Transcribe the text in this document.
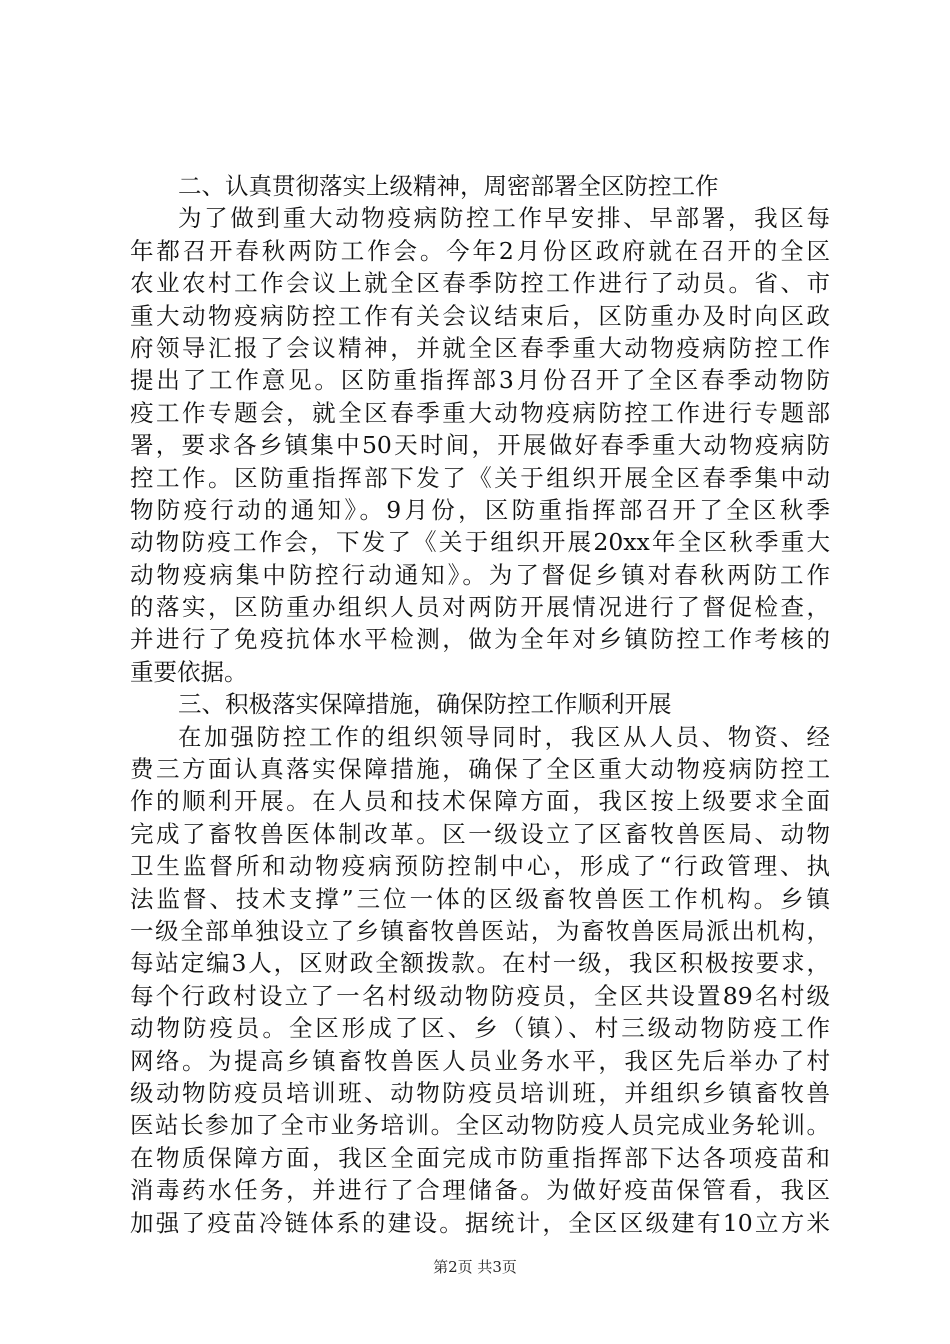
二、认真贯彻落实上级精神，周密部署全区防控工作
为了做到重大动物疫病防控工作早安排、早部署，我区每
年都召开春秋两防工作会。今年2月份区政府就在召开的全区
农业农村工作会议上就全区春季防控工作进行了动员。省、市
重大动物疫病防控工作有关会议结束后，区防重办及时向区政
府领导汇报了会议精神，并就全区春季重大动物疫病防控工作
提出了工作意见。区防重指挥部3月份召开了全区春季动物防
疫工作专题会，就全区春季重大动物疫病防控工作进行专题部
署，要求各乡镇集中50天时间，开展做好春季重大动物疫病防
控工作。区防重指挥部下发了《关于组织开展全区春季集中动
物防疫行动的通知》。9月份，区防重指挥部召开了全区秋季
动物防疫工作会，下发了《关于组织开展20xx年全区秋季重大
动物疫病集中防控行动通知》。为了督促乡镇对春秋两防工作
的落实，区防重办组织人员对两防开展情况进行了督促检查，
并进行了免疫抗体水平检测，做为全年对乡镇防控工作考核的
重要依据。
三、积极落实保障措施，确保防控工作顺利开展
在加强防控工作的组织领导同时，我区从人员、物资、经
费三方面认真落实保障措施，确保了全区重大动物疫病防控工
作的顺利开展。在人员和技术保障方面，我区按上级要求全面
完成了畜牧兽医体制改革。区一级设立了区畜牧兽医局、动物
卫生监督所和动物疫病预防控制中心，形成了“行政管理、执
法监督、技术支撑”三位一体的区级畜牧兽医工作机构。乡镇
一级全部单独设立了乡镇畜牧兽医站，为畜牧兽医局派出机构，
每站定编3人，区财政全额拨款。在村一级，我区积极按要求，
每个行政村设立了一名村级动物防疫员，全区共设置89名村级
动物防疫员。全区形成了区、乡（镇）、村三级动物防疫工作
网络。为提高乡镇畜牧兽医人员业务水平，我区先后举办了村
级动物防疫员培训班、动物防疫员培训班，并组织乡镇畜牧兽
医站长参加了全市业务培训。全区动物防疫人员完成业务轮训。
在物质保障方面，我区全面完成市防重指挥部下达各项疫苗和
消毒药水任务，并进行了合理储备。为做好疫苗保管看，我区
加强了疫苗冷链体系的建设。据统计，全区区级建有10立方米
第2页 共3页
